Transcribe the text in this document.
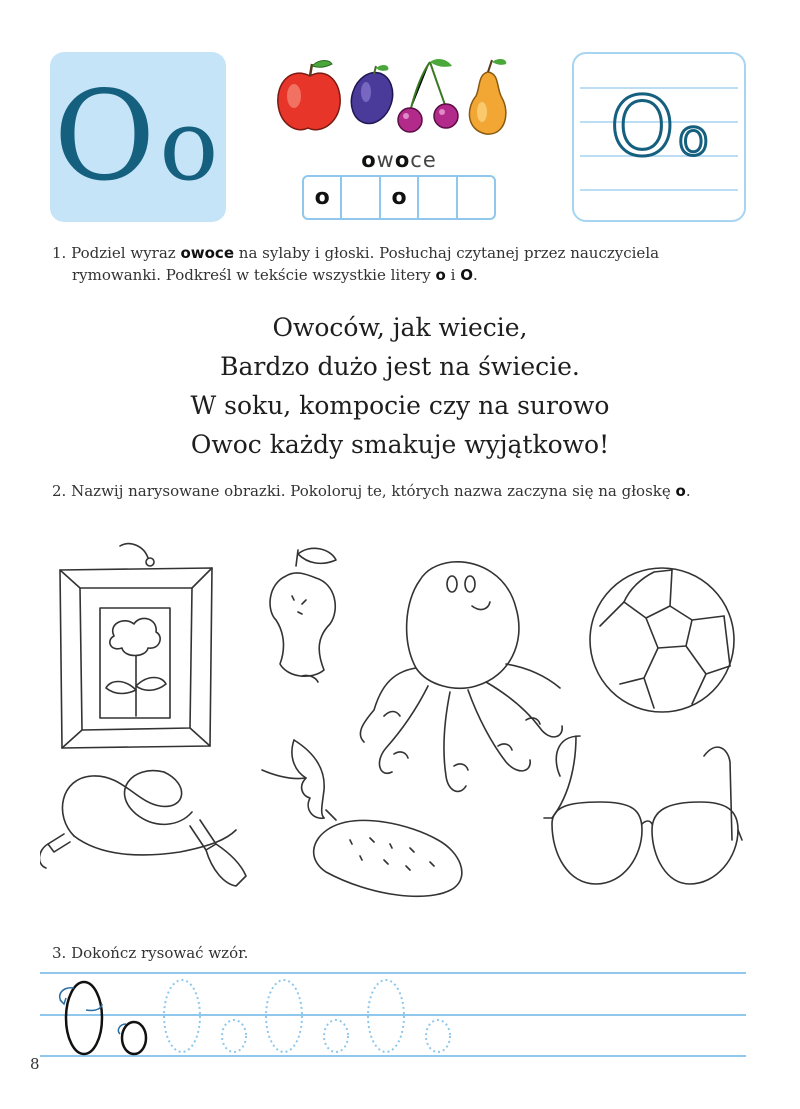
Oo	owoce
o	o
O o
1. Podziel wyraz owoce na sylaby i głoski. Posłuchaj czytanej przez nauczyciela
rymowanki. Podkreśl w tekście wszystkie litery o i O.
Owoców, jak wiecie,
Bardzo dużo jest na świecie.
W soku, kompocie czy na surowo
Owoc każdy smakuje wyjątkowo!
2. Nazwij narysowane obrazki. Pokoloruj te, których nazwa zaczyna się na głoskę o.
3. Dokończ rysować wzór.
8
